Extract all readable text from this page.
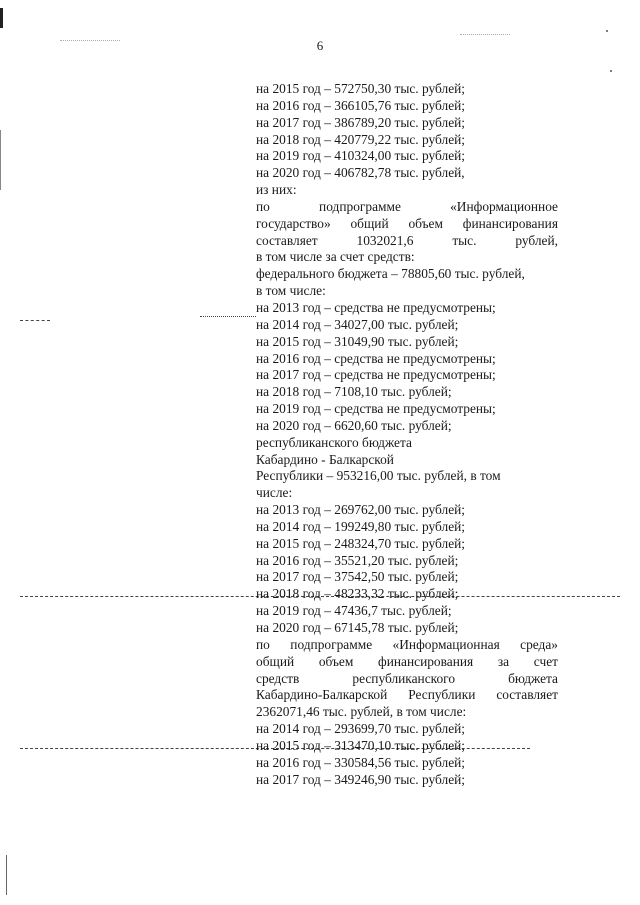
6
на 2015 год – 572750,30 тыс. рублей;
на 2016 год – 366105,76 тыс. рублей;
на 2017 год – 386789,20 тыс. рублей;
на 2018 год – 420779,22 тыс. рублей;
на 2019 год – 410324,00 тыс. рублей;
на 2020 год – 406782,78 тыс. рублей,
из них:
по подпрограмме «Информационное
государство» общий объем финансирования
составляет 1032021,6 тыс. рублей,
в том числе за счет средств:
федерального бюджета – 78805,60 тыс. рублей,
в том числе:
на 2013 год – средства не предусмотрены;
на 2014 год – 34027,00 тыс. рублей;
на 2015 год – 31049,90 тыс. рублей;
на 2016 год – средства не предусмотрены;
на 2017 год – средства не предусмотрены;
на 2018 год – 7108,10 тыс. рублей;
на 2019 год – средства не предусмотрены;
на 2020 год – 6620,60 тыс. рублей;
республиканского бюджета
Кабардино - Балкарской
Республики – 953216,00 тыс. рублей, в том
числе:
на 2013 год – 269762,00 тыс. рублей;
на 2014 год – 199249,80 тыс. рублей;
на 2015 год – 248324,70 тыс. рублей;
на 2016 год – 35521,20 тыс. рублей;
на 2017 год – 37542,50 тыс. рублей;
на 2018 год – 48233,32 тыс. рублей;
на 2019 год – 47436,7 тыс. рублей;
на 2020 год – 67145,78 тыс. рублей;
по подпрограмме «Информационная среда»
общий объем финансирования за счет
средств республиканского бюджета
Кабардино-Балкарской Республики составляет
2362071,46 тыс. рублей, в том числе:
на 2014 год – 293699,70 тыс. рублей;
на 2015 год – 313470,10 тыс. рублей;
на 2016 год – 330584,56 тыс. рублей;
на 2017 год – 349246,90 тыс. рублей;
